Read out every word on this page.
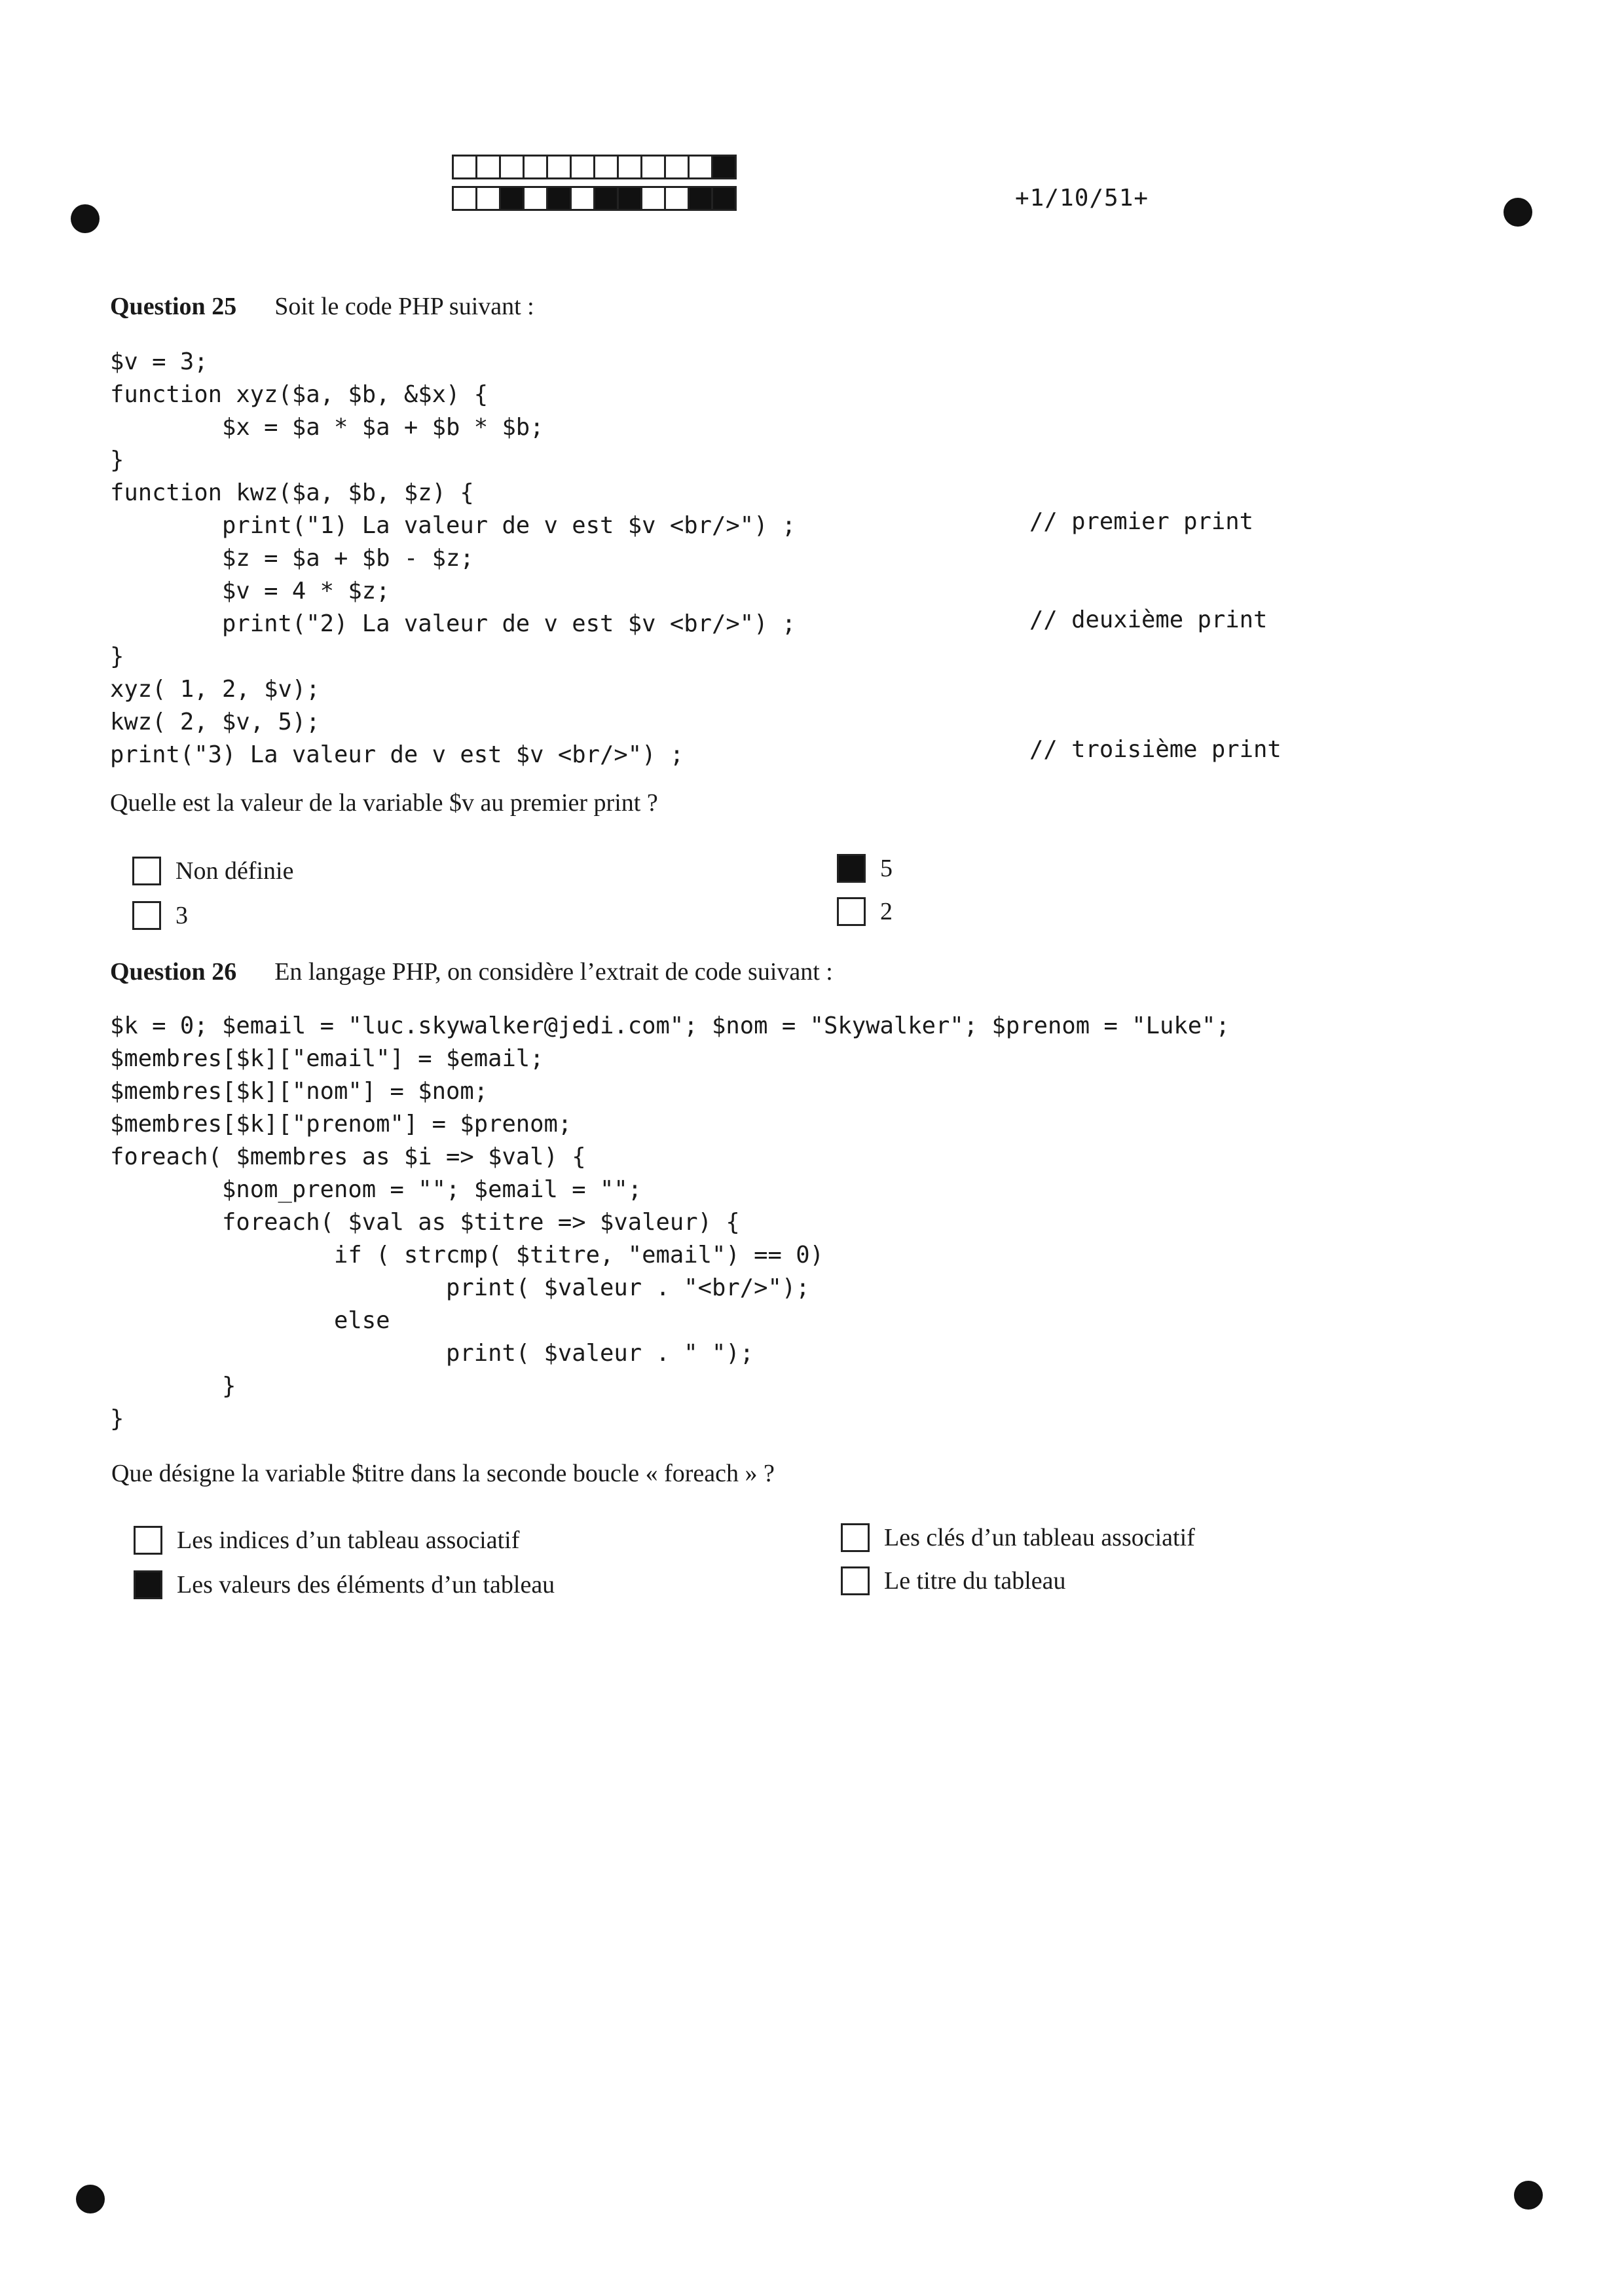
+1/10/51+
Question 25 Soit le code PHP suivant :
$v = 3;
function xyz($a, $b, &$x) {
$x = $a * $a + $b * $b;
}
function kwz($a, $b, $z) {
print("1) La valeur de v est $v <br/>") ;
$z = $a + $b - $z;
$v = 4 * $z;
print("2) La valeur de v est $v <br/>") ;
}
xyz( 1, 2, $v);
kwz( 2, $v, 5);
print("3) La valeur de v est $v <br/>") ;

// premier print
// deuxième print
// troisième print
Quelle est la valeur de la variable $v au premier print ?
Non définie
3
5
2
Question 26 En langage PHP, on considère l’extrait de code suivant :
$k = 0; $email = "luc.skywalker@jedi.com"; $nom = "Skywalker"; $prenom = "Luke";
$membres[$k]["email"] = $email;
$membres[$k]["nom"] = $nom;
$membres[$k]["prenom"] = $prenom;
foreach( $membres as $i => $val) {
$nom_prenom = ""; $email = "";
foreach( $val as $titre => $valeur) {
if ( strcmp( $titre, "email") == 0)
print( $valeur . "<br/>");
else
print( $valeur . " ");
}
}

Que désigne la variable $titre dans la seconde boucle « foreach » ?
Les indices d’un tableau associatif
Les valeurs des éléments d’un tableau
Les clés d’un tableau associatif
Le titre du tableau
